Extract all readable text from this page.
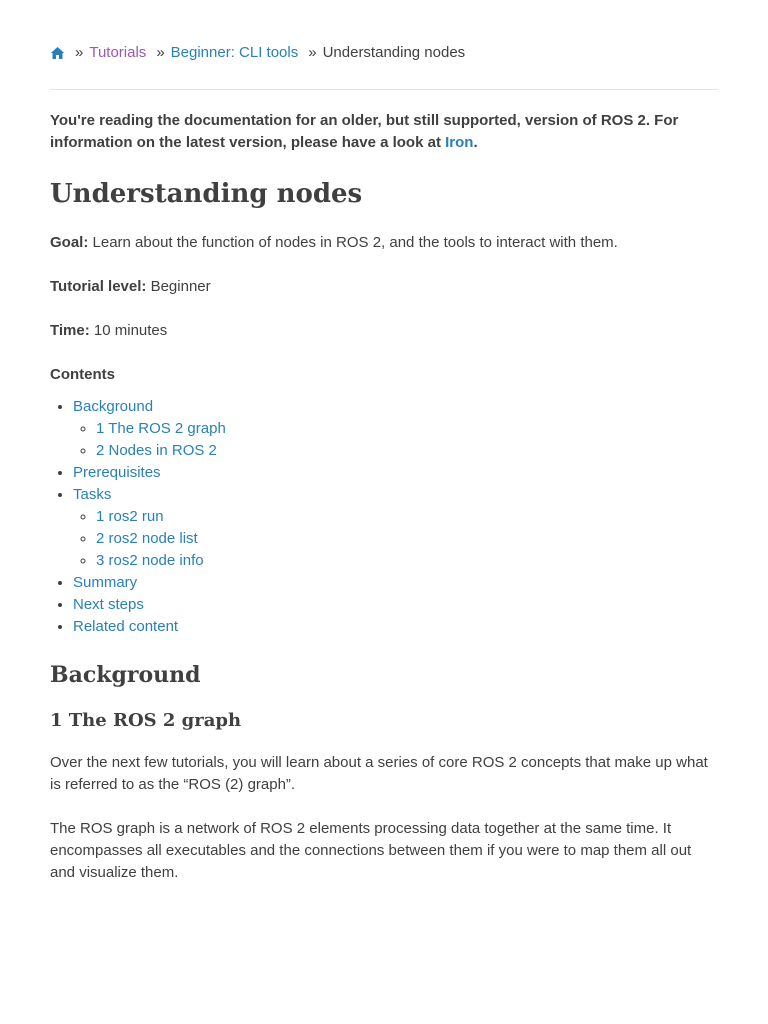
» Tutorials » Beginner: CLI tools » Understanding nodes
You're reading the documentation for an older, but still supported, version of ROS 2. For information on the latest version, please have a look at Iron.
Understanding nodes

Goal: Learn about the function of nodes in ROS 2, and the tools to interact with them.

Tutorial level: Beginner

Time: 10 minutes

Contents
• Background
◦ 1 The ROS 2 graph
◦ 2 Nodes in ROS 2
• Prerequisites
• Tasks
◦ 1 ros2 run
◦ 2 ros2 node list
◦ 3 ros2 node info
• Summary
• Next steps
• Related content
Background
1 The ROS 2 graph

Over the next few tutorials, you will learn about a series of core ROS 2 concepts that make up what is referred to as the “ROS (2) graph”.

The ROS graph is a network of ROS 2 elements processing data together at the same time. It encompasses all executables and the connections between them if you were to map them all out and visualize them.
